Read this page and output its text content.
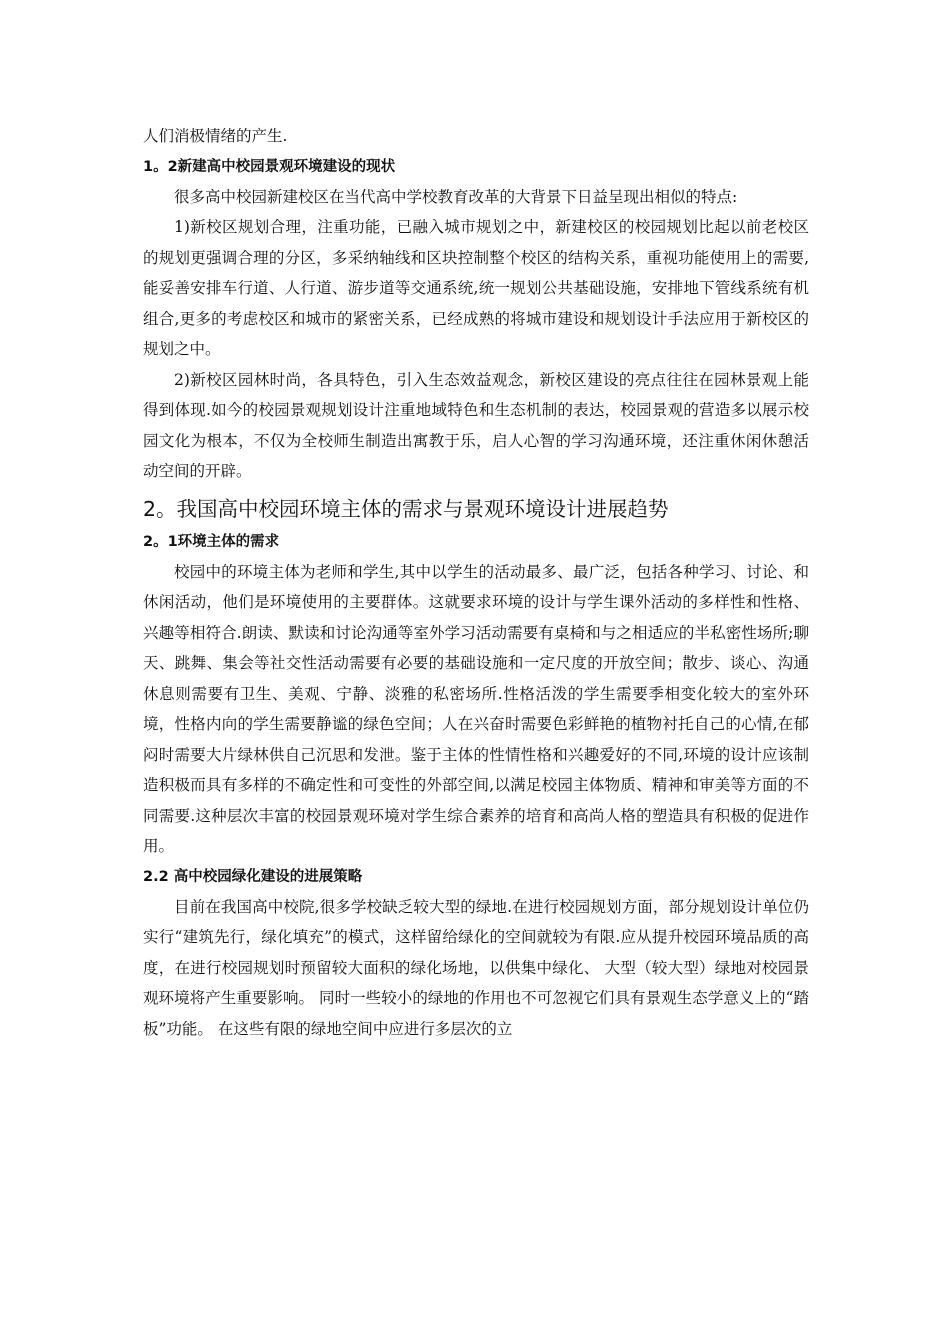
人们消极情绪的产生.

1。2新建高中校园景观环境建设的现状

很多高中校园新建校区在当代高中学校教育改革的大背景下日益呈现出相似的特点:

1)新校区规划合理，注重功能，已融入城市规划之中，新建校区的校园规划比起以前老校区的规划更强调合理的分区，多采纳轴线和区块控制整个校区的结构关系，重视功能使用上的需要,能妥善安排车行道、人行道、游步道等交通系统,统一规划公共基础设施，安排地下管线系统有机组合,更多的考虑校区和城市的紧密关系，已经成熟的将城市建设和规划设计手法应用于新校区的规划之中。

2)新校区园林时尚，各具特色，引入生态效益观念，新校区建设的亮点往往在园林景观上能得到体现.如今的校园景观规划设计注重地域特色和生态机制的表达，校园景观的营造多以展示校园文化为根本，不仅为全校师生制造出寓教于乐，启人心智的学习沟通环境，还注重休闲休憩活动空间的开辟。

2。我国高中校园环境主体的需求与景观环境设计进展趋势
2。1环境主体的需求

校园中的环境主体为老师和学生,其中以学生的活动最多、最广泛，包括各种学习、讨论、和休闲活动，他们是环境使用的主要群体。这就要求环境的设计与学生课外活动的多样性和性格、兴趣等相符合.朗读、默读和讨论沟通等室外学习活动需要有桌椅和与之相适应的半私密性场所;聊天、跳舞、集会等社交性活动需要有必要的基础设施和一定尺度的开放空间；散步、谈心、沟通休息则需要有卫生、美观、宁静、淡雅的私密场所.性格活泼的学生需要季相变化较大的室外环境，性格内向的学生需要静谧的绿色空间；人在兴奋时需要色彩鲜艳的植物衬托自己的心情,在郁闷时需要大片绿林供自己沉思和发泄。鉴于主体的性情性格和兴趣爱好的不同,环境的设计应该制造积极而具有多样的不确定性和可变性的外部空间,以满足校园主体物质、精神和审美等方面的不同需要.这种层次丰富的校园景观环境对学生综合素养的培育和高尚人格的塑造具有积极的促进作用。

2.2 高中校园绿化建设的进展策略

目前在我国高中校院,很多学校缺乏较大型的绿地.在进行校园规划方面，部分规划设计单位仍实行“建筑先行，绿化填充”的模式，这样留给绿化的空间就较为有限.应从提升校园环境品质的高度，在进行校园规划时预留较大面积的绿化场地，以供集中绿化、 大型（较大型）绿地对校园景观环境将产生重要影响。 同时一些较小的绿地的作用也不可忽视它们具有景观生态学意义上的“踏板”功能。 在这些有限的绿地空间中应进行多层次的立
